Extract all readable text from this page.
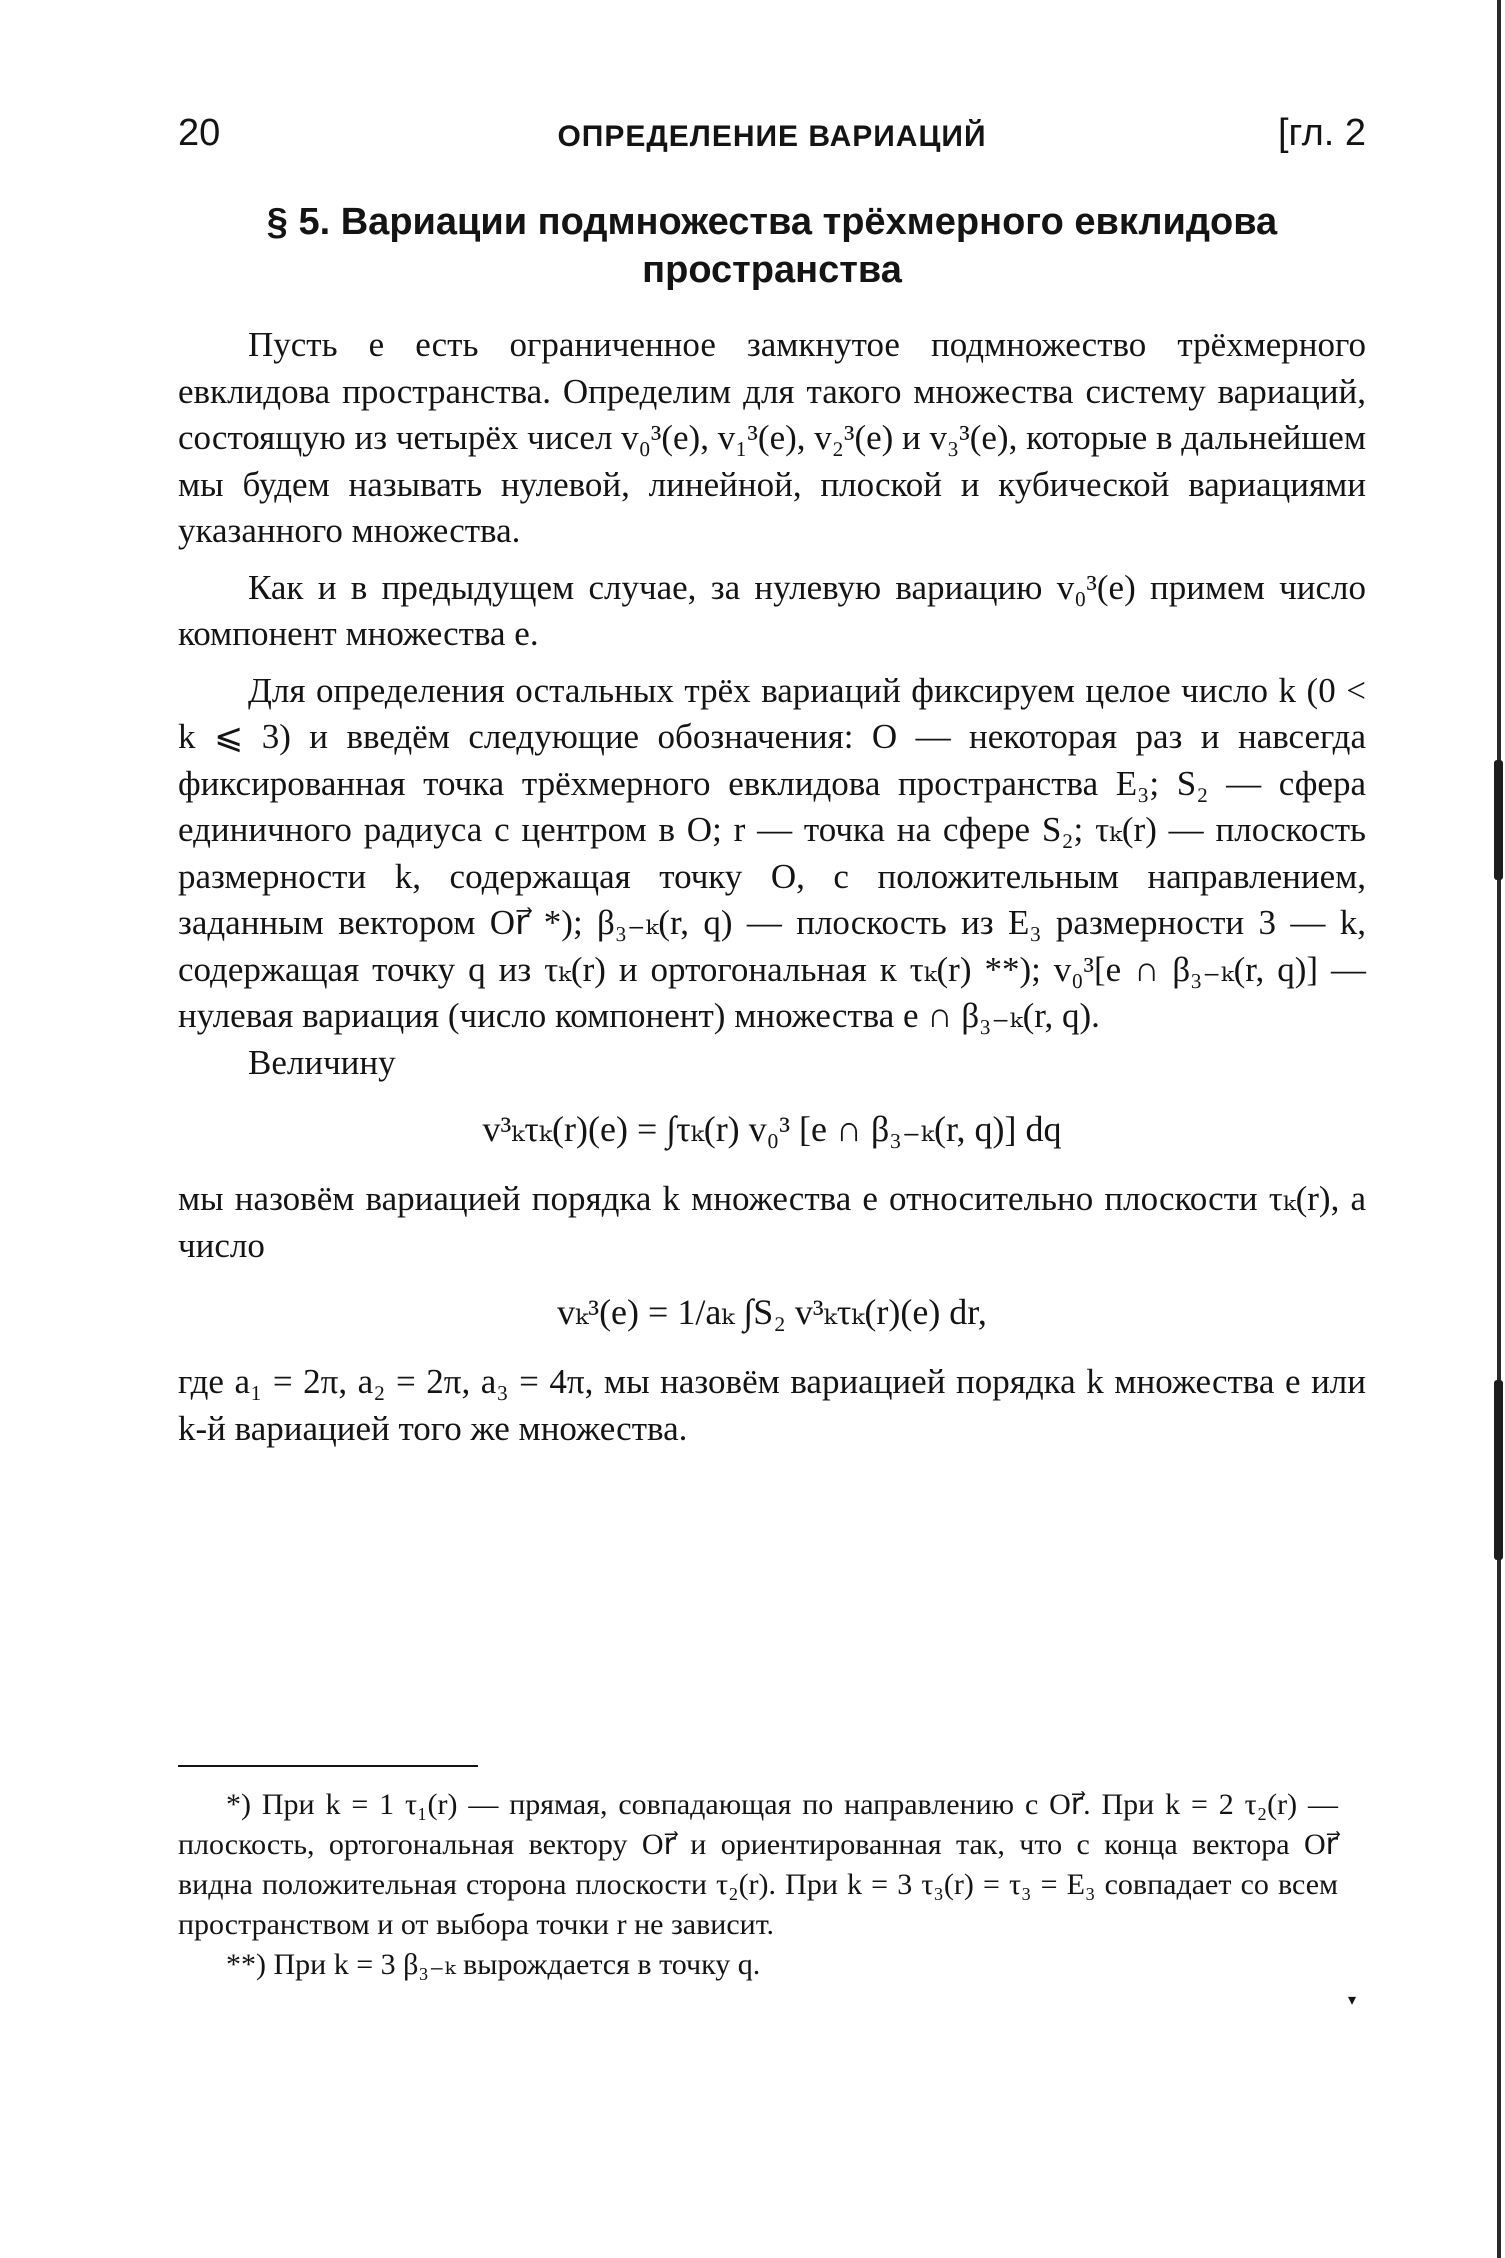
20	ОПРЕДЕЛЕНИЕ ВАРИАЦИЙ	[гл. 2
§ 5. Вариации подмножества трёхмерного евклидова
пространства

Пусть e есть ограниченное замкнутое подмножество трёхмерного евклидова пространства. Определим для такого множества систему вариаций, состоящую из четырёх чисел v₀³(e), v₁³(e), v₂³(e) и v₃³(e), которые в дальнейшем мы будем называть нулевой, линейной, плоской и кубической вариациями указанного множества.

Как и в предыдущем случае, за нулевую вариацию v₀³(e) примем число компонент множества e.

Для определения остальных трёх вариаций фиксируем целое число k (0 < k ⩽ 3) и введём следующие обозначения: O — некоторая раз и навсегда фиксированная точка трёхмерного евклидова пространства E₃; S₂ — сфера единичного радиуса с центром в O; r — точка на сфере S₂; τₖ(r) — плоскость размерности k, содержащая точку O, с положительным направлением, заданным вектором Or⃗ *); β₃₋ₖ(r, q) — плоскость из E₃ размерности 3 — k, содержащая точку q из τₖ(r) и ортогональная к τₖ(r) **); v₀³[e ∩ β₃₋ₖ(r, q)] — нулевая вариация (число компонент) множества e ∩ β₃₋ₖ(r, q).

Величину

v³ₖτₖ(r)(e) = ∫τₖ(r) v₀³ [e ∩ β₃₋ₖ(r, q)] dq

мы назовём вариацией порядка k множества e относительно плоскости τₖ(r), а число

vₖ³(e) = 1/aₖ ∫S₂ v³ₖτₖ(r)(e) dr,

где a₁ = 2π, a₂ = 2π, a₃ = 4π, мы назовём вариацией порядка k множества e или k-й вариацией того же множества.

*) При k = 1 τ₁(r) — прямая, совпадающая по направлению с Or⃗. При k = 2 τ₂(r) — плоскость, ортогональная вектору Or⃗ и ориентированная так, что с конца вектора Or⃗ видна положительная сторона плоскости τ₂(r). При k = 3 τ₃(r) = τ₃ = E₃ совпадает со всем пространством и от выбора точки r не зависит.

**) При k = 3 β₃₋ₖ вырождается в точку q.

▾
